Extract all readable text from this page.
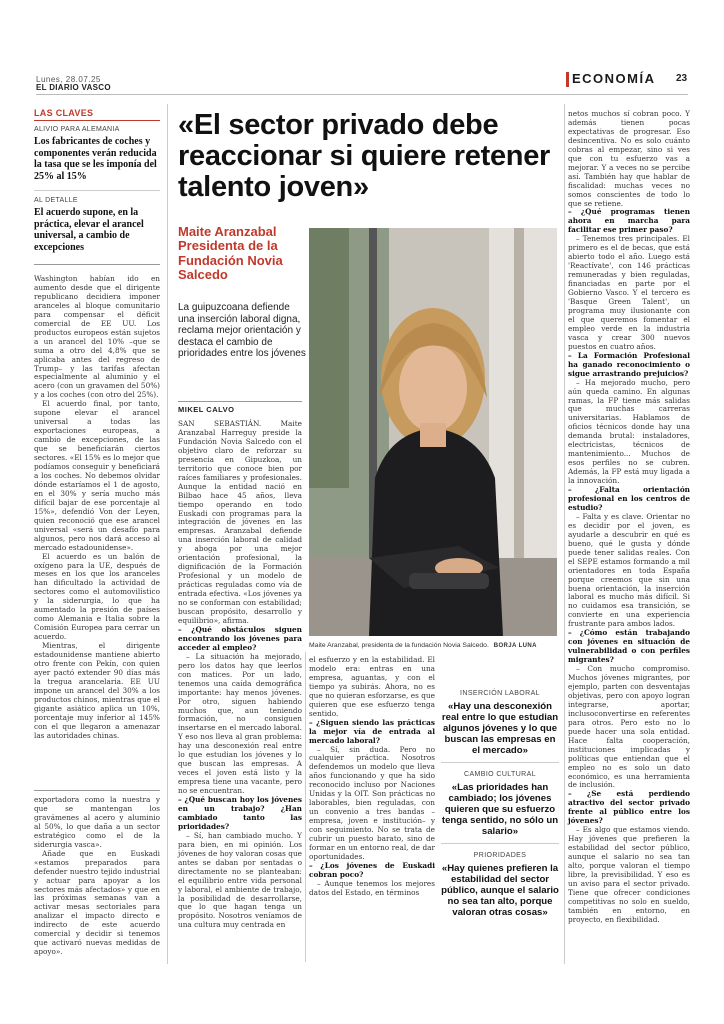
Lunes, 28.07.25
EL DIARIO VASCO
ECONOMÍA 23
LAS CLAVES
ALIVIO PARA ALEMANIA
Los fabricantes de coches y componentes verán reducida la tasa que se les imponía del 25% al 15%
AL DETALLE
El acuerdo supone, en la práctica, elevar el arancel universal, a cambio de excepciones

Washington habían ido en aumento desde que el dirigente republicano decidiera imponer aranceles al bloque comunitario para compensar el déficit comercial de EE UU. Los productos europeos están sujetos a un arancel del 10% –que se suma a otro del 4,8% que se aplicaba antes del regreso de Trump– y las tarifas afectan especialmente al aluminio y el acero (con un gravamen del 50%) y a los coches (con otro del 25%).

El acuerdo final, por tanto, supone elevar el arancel universal a todas las exportaciones europeas, a cambio de excepciones, de las que se beneficiarán ciertos sectores. «El 15% es lo mejor que podíamos conseguir y beneficiará a los coches. No debemos olvidar dónde estaríamos el 1 de agosto, en el 30% y sería mucho más difícil bajar de ese porcentaje al 15%», defendió Von der Leyen, quien reconoció que ese arancel universal «será un desafío para algunos, pero nos dará acceso al mercado estadounidense».

El acuerdo es un balón de oxígeno para la UE, después de meses en los que los aranceles han dificultado la actividad de sectores como el automovilístico y la siderurgia, lo que ha aumentado la presión de países como Alemania e Italia sobre la Comisión Europea para cerrar un acuerdo.

Mientras, el dirigente estadounidense mantiene abierto otro frente con Pekín, con quien ayer pactó extender 90 días más la tregua arancelaria. EE UU impone un arancel del 30% a los productos chinos, mientras que el gigante asiático aplica un 10%, porcentaje muy inferior al 145% con el que llegaron a amenazar las autoridades chinas.

exportadora como la nuestra y que se mantengan los gravámenes al acero y aluminio al 50%, lo que daña a un sector estratégico como el de la siderurgia vasca».

Añade que en Euskadi «estamos preparados para defender nuestro tejido industrial y actuar para apoyar a los sectores más afectados» y que en las próximas semanas van a activar mesas sectoriales para analizar el impacto directo e indirecto de este acuerdo comercial y decidir si tenemos que activaró nuevas medidas de apoyo».

«El sector privado debe reaccionar si quiere retener talento joven»
Maite Aranzabal
Presidenta de la Fundación Novia Salcedo
La guipuzcoana defiende una inserción laboral digna, reclama mejor orientación y destaca el cambio de prioridades entre los jóvenes
MIKEL CALVO
Maite Aranzabal, presidenta de la fundación Novia Salcedo. BORJA LUNA

SAN SEBASTIÁN. Maite Aranzabal Harreguy preside la Fundación Novia Salcedo con el objetivo claro de reforzar su presencia en Gipuzkoa, un territorio que conoce bien por raíces familiares y profesionales. Aunque la entidad nació en Bilbao hace 45 años, lleva tiempo operando en todo Euskadi con programas para la integración de jóvenes en las empresas. Aranzabal defiende una inserción laboral de calidad y aboga por una mejor orientación profesional, la dignificación de la Formación Profesional y un modelo de prácticas reguladas como vía de entrada efectiva. «Los jóvenes ya no se conforman con estabilidad; buscan propósito, desarrollo y equilibrio», afirma.

– ¿Qué obstáculos siguen encontrando los jóvenes para acceder al empleo?

– La situación ha mejorado, pero los datos hay que leerlos con matices. Por un lado, tenemos una caída demográfica importante: hay menos jóvenes. Por otro, siguen habiendo muchos que, aun teniendo formación, no consiguen insertarse en el mercado laboral. Y eso nos lleva al gran problema: hay una desconexión real entre lo que estudian los jóvenes y lo que buscan las empresas. A veces el joven está listo y la empresa tiene una vacante, pero no se encuentran.

– ¿Qué buscan hoy los jóvenes en un trabajo? ¿Han cambiado tanto las prioridades?

– Sí, han cambiado mucho. Y para bien, en mi opinión. Los jóvenes de hoy valoran cosas que antes se daban por sentadas o directamente no se planteaban: el equilibrio entre vida personal y laboral, el ambiente de trabajo, la posibilidad de desarrollarse, que lo que hagan tenga un propósito. Nosotros veníamos de una cultura muy centrada en

el esfuerzo y en la estabilidad. El modelo era: entras en una empresa, aguantas, y con el tiempo ya subirás. Ahora, no es que no quieran esforzarse, es que quieren que ese esfuerzo tenga sentido.

– ¿Siguen siendo las prácticas la mejor vía de entrada al mercado laboral?

– Sí, sin duda. Pero no cualquier práctica. Nosotros defendemos un modelo que lleva años funcionando y que ha sido reconocido incluso por Naciones Unidas y la OIT. Son prácticas no laborables, bien reguladas, con un convenio a tres bandas –empresa, joven e institución– y con seguimiento. No se trata de cubrir un puesto barato, sino de formar en un entorno real, de dar oportunidades.

– ¿Los jóvenes de Euskadi cobran poco?

– Aunque tenemos los mejores datos del Estado, en términos

INSERCIÓN LABORAL
«Hay una desconexión real entre lo que estudian algunos jóvenes y lo que buscan las empresas en el mercado»
CAMBIO CULTURAL
«Las prioridades han cambiado; los jóvenes quieren que su esfuerzo tenga sentido, no sólo un salario»
PRIORIDADES
«Hay quienes prefieren la estabilidad del sector público, aunque el salario no sea tan alto, porque valoran otras cosas»

netos muchos sí cobran poco. Y además tienen pocas expectativas de progresar. Eso desincentiva. No es solo cuánto cobras al empezar, sino si ves que con tu esfuerzo vas a mejorar. Y a veces no se percibe así. También hay que hablar de fiscalidad: muchas veces no somos conscientes de todo lo que se retiene.

– ¿Qué programas tienen ahora en marcha para facilitar ese primer paso?

– Tenemos tres principales. El primero es el de becas, que está abierto todo el año. Luego está 'Reactívate', con 146 prácticas remuneradas y bien reguladas, financiadas en parte por el Gobierno Vasco. Y el tercero es 'Basque Green Talent', un programa muy ilusionante con el que queremos fomentar el empleo verde en la industria vasca y crear 300 nuevos puestos en cuatro años.

– La Formación Profesional ha ganado reconocimiento o sigue arrastrando prejuicios?

– Ha mejorado mucho, pero aún queda camino. En algunas ramas, la FP tiene más salidas que muchas carreras universitarias. Hablamos de oficios técnicos donde hay una demanda brutal: instaladores, electricistas, técnicos de mantenimiento... Muchos de esos perfiles no se cubren. Además, la FP está muy ligada a la innovación.

– ¿Falta orientación profesional en los centros de estudio?

– Falta y es clave. Orientar no es decidir por el joven, es ayudarle a descubrir en qué es bueno, qué le gusta y dónde puede tener salidas reales. Con el SEPE estamos formando a mil orientadores en toda España porque creemos que sin una buena orientación, la inserción laboral es mucho más difícil. Si no cuidamos esa transición, se convierte en una experiencia frustrante para ambos lados.

– ¿Cómo están trabajando con jóvenes en situación de vulnerabilidad o con perfiles migrantes?

– Con mucho compromiso. Muchos jóvenes migrantes, por ejemplo, parten con desventajas objetivas, pero con apoyo logran integrarse, aportar, inclusoconvertirse en referentes para otros. Pero esto no lo puede hacer una sola entidad. Hace falta cooperación, instituciones implicadas y políticas que entiendan que el empleo no es solo un dato económico, es una herramienta de inclusión.

– ¿Se está perdiendo atractivo del sector privado frente al público entre los jóvenes?

– Es algo que estamos viendo. Hay jóvenes que prefieren la estabilidad del sector público, aunque el salario no sea tan alto, porque valoran el tiempo libre, la previsibilidad. Y eso es un aviso para el sector privado. Tiene que ofrecer condiciones competitivas no solo en sueldo, también en entorno, en proyecto, en flexibilidad.
